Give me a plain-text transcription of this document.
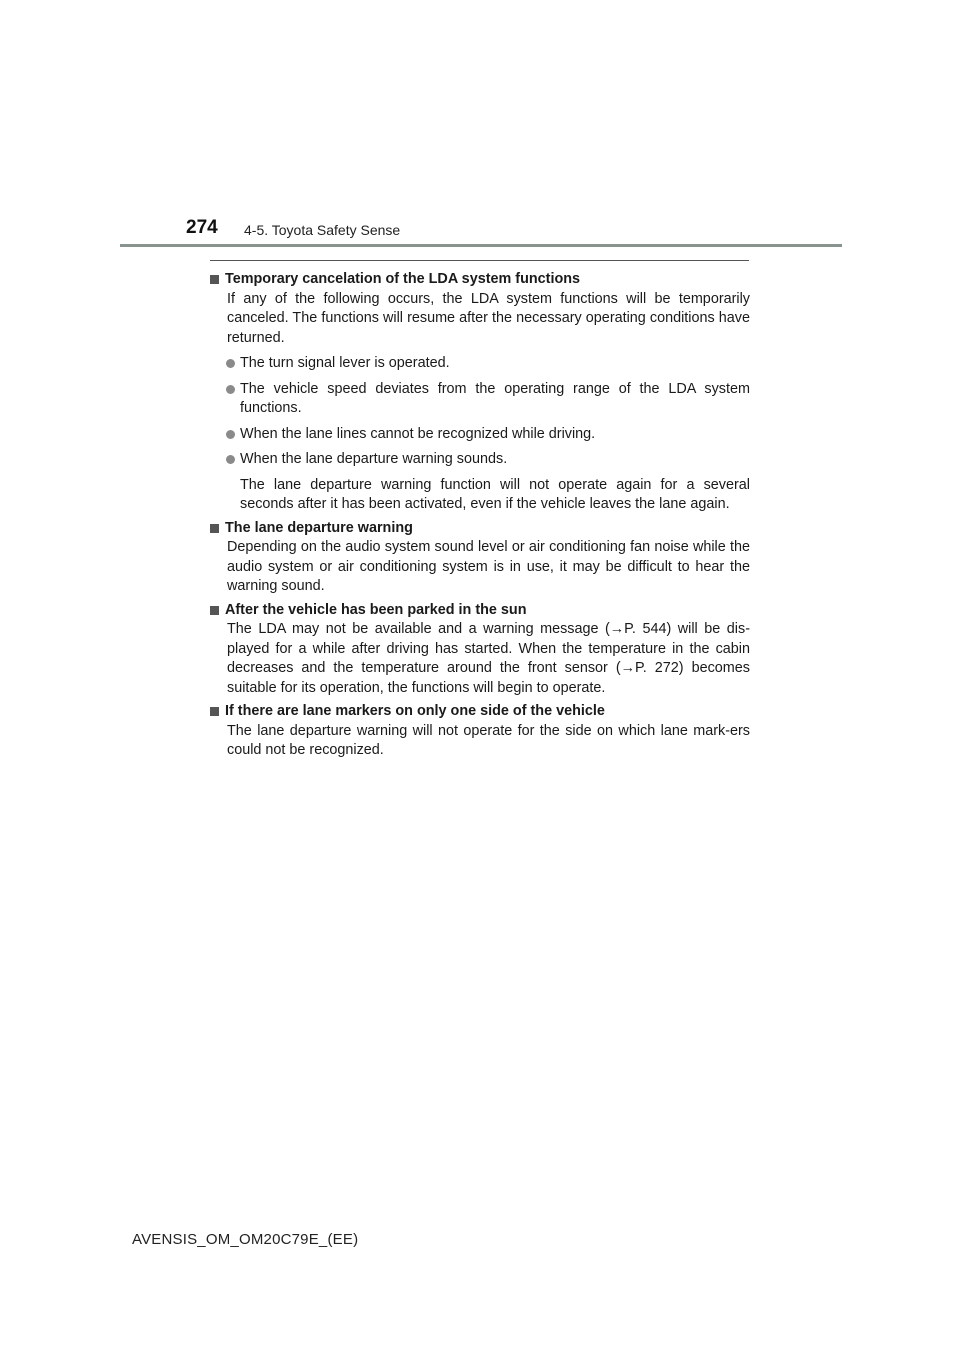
274 4-5. Toyota Safety Sense
Temporary cancelation of the LDA system functions
If any of the following occurs, the LDA system functions will be temporarily canceled. The functions will resume after the necessary operating conditions have returned.
The turn signal lever is operated.
The vehicle speed deviates from the operating range of the LDA system functions.
When the lane lines cannot be recognized while driving.
When the lane departure warning sounds.
The lane departure warning function will not operate again for a several seconds after it has been activated, even if the vehicle leaves the lane again.
The lane departure warning
Depending on the audio system sound level or air conditioning fan noise while the audio system or air conditioning system is in use, it may be difficult to hear the warning sound.
After the vehicle has been parked in the sun
The LDA may not be available and a warning message (→P. 544) will be dis-played for a while after driving has started. When the temperature in the cabin decreases and the temperature around the front sensor (→P. 272) becomes suitable for its operation, the functions will begin to operate.
If there are lane markers on only one side of the vehicle
The lane departure warning will not operate for the side on which lane mark-ers could not be recognized.
AVENSIS_OM_OM20C79E_(EE)
